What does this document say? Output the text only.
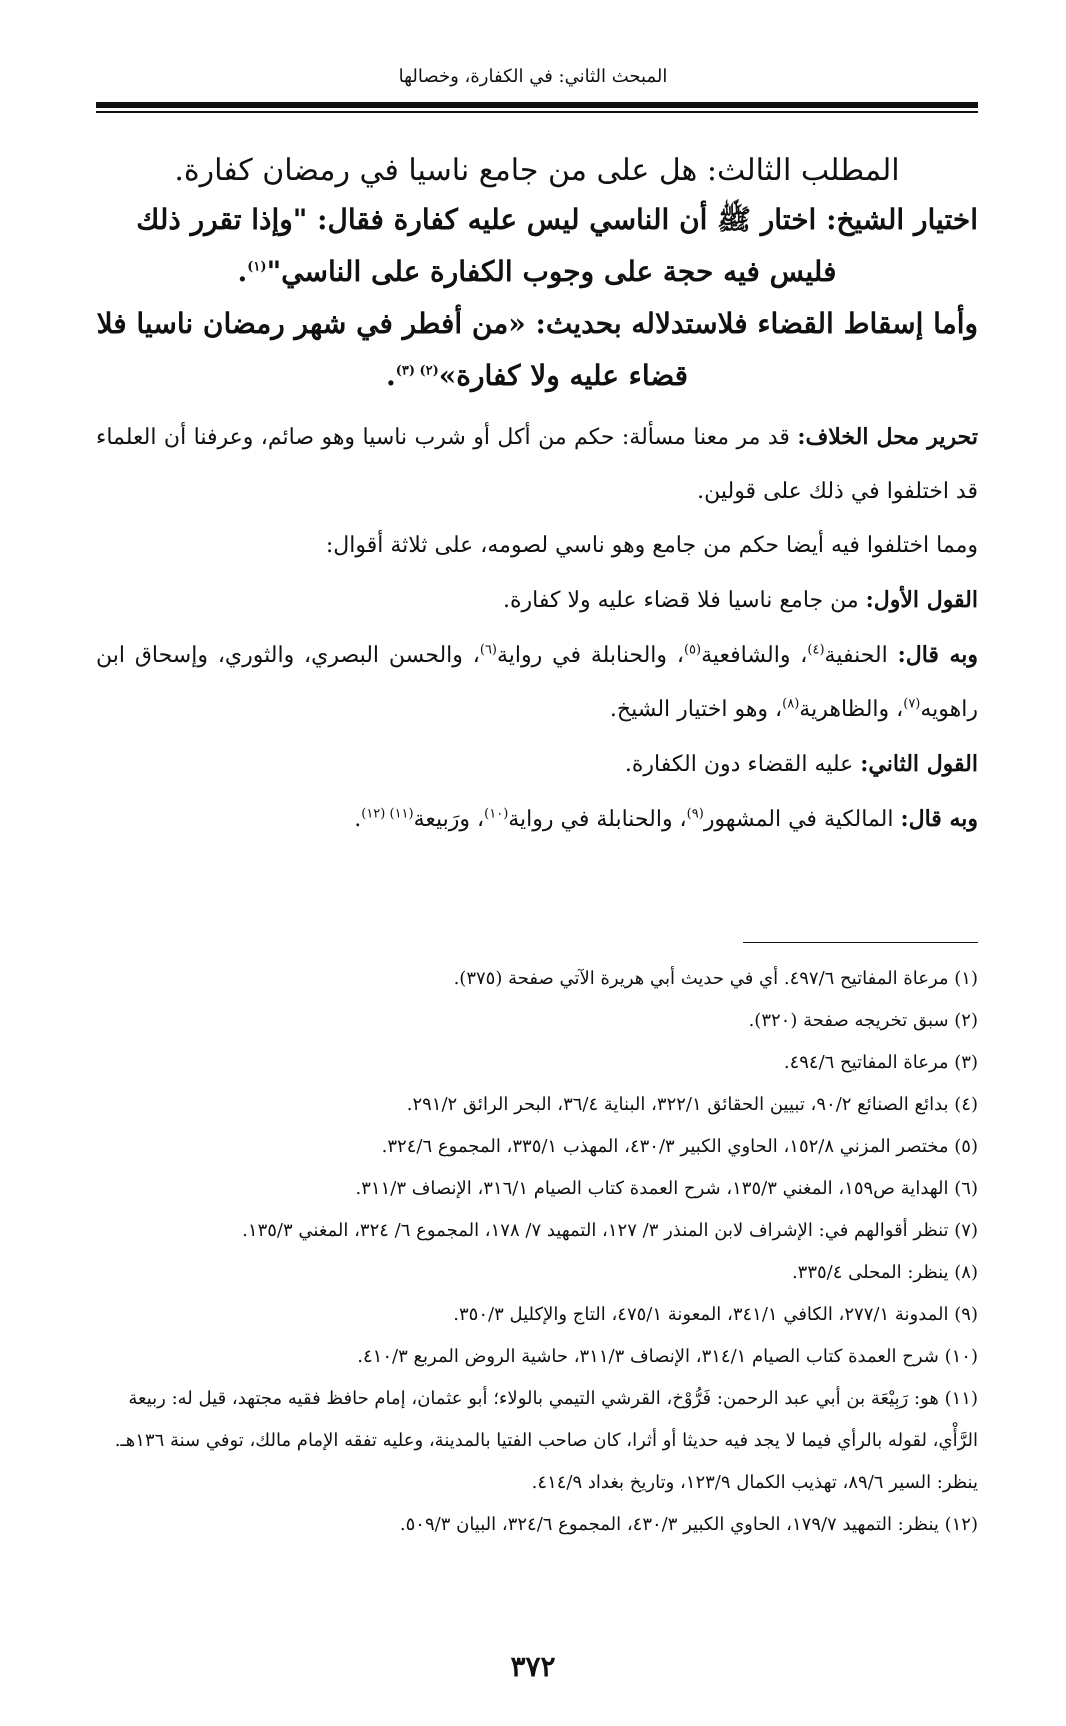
المبحث الثاني: في الكفارة، وخصالها

المطلب الثالث: هل على من جامع ناسيا في رمضان كفارة.

اختيار الشيخ: اختار ﷺ أن الناسي ليس عليه كفارة فقال: "وإذا تقرر ذلك

فليس فيه حجة على وجوب الكفارة على الناسي"$^{(١)}$.

وأما إسقاط القضاء فلاستدلاله بحديث: «من أفطر في شهر رمضان ناسيا فلا

قضاء عليه ولا كفارة»$^{(٢) (٣)}$.

تحرير محل الخلاف: قد مر معنا مسألة: حكم من أكل أو شرب ناسيا وهو صائم، وعرفنا أن العلماء قد اختلفوا في ذلك على قولين.

ومما اختلفوا فيه أيضا حكم من جامع وهو ناسي لصومه، على ثلاثة أقوال:

القول الأول: من جامع ناسيا فلا قضاء عليه ولا كفارة.

وبه قال: الحنفية$^{(٤)}$، والشافعية$^{(٥)}$، والحنابلة في رواية$^{(٦)}$، والحسن البصري، والثوري، وإسحاق ابن راهويه$^{(٧)}$، والظاهرية$^{(٨)}$، وهو اختيار الشيخ.

القول الثاني: عليه القضاء دون الكفارة.

وبه قال: المالكية في المشهور$^{(٩)}$، والحنابلة في رواية$^{(١٠)}$، ورَبيعة$^{(١١) (١٢)}$.

(١) مرعاة المفاتيح ٤٩٧/٦. أي في حديث أبي هريرة الآتي صفحة (٣٧٥).

(٢) سبق تخريجه صفحة (٣٢٠).

(٣) مرعاة المفاتيح ٤٩٤/٦.

(٤) بدائع الصنائع ٩٠/٢، تبيين الحقائق ٣٢٢/١، البناية ٣٦/٤، البحر الرائق ٢٩١/٢.

(٥) مختصر المزني ١٥٢/٨، الحاوي الكبير ٤٣٠/٣، المهذب ٣٣٥/١، المجموع ٣٢٤/٦.

(٦) الهداية ص١٥٩، المغني ١٣٥/٣، شرح العمدة كتاب الصيام ٣١٦/١، الإنصاف ٣١١/٣.

(٧) تنظر أقوالهم في: الإشراف لابن المنذر ٣/ ١٢٧، التمهيد ٧/ ١٧٨، المجموع ٦/ ٣٢٤، المغني ١٣٥/٣.

(٨) ينظر: المحلى ٣٣٥/٤.

(٩) المدونة ٢٧٧/١، الكافي ٣٤١/١، المعونة ٤٧٥/١، التاج والإكليل ٣٥٠/٣.

(١٠) شرح العمدة كتاب الصيام ٣١٤/١، الإنصاف ٣١١/٣، حاشية الروض المربع ٤١٠/٣.

(١١) هو: رَبِيْعَة بن أبي عبد الرحمن: فَرُّوْخ، القرشي التيمي بالولاء؛ أبو عثمان، إمام حافظ فقيه مجتهد، قيل له: ربيعة الرَّأْي، لقوله بالرأي فيما لا يجد فيه حديثا أو أثرا، كان صاحب الفتيا بالمدينة، وعليه تفقه الإمام مالك، توفي سنة ١٣٦هـ. ينظر: السير ٨٩/٦، تهذيب الكمال ١٢٣/٩، وتاريخ بغداد ٤١٤/٩.

(١٢) ينظر: التمهيد ١٧٩/٧، الحاوي الكبير ٤٣٠/٣، المجموع ٣٢٤/٦، البيان ٥٠٩/٣.

٣٧٢
